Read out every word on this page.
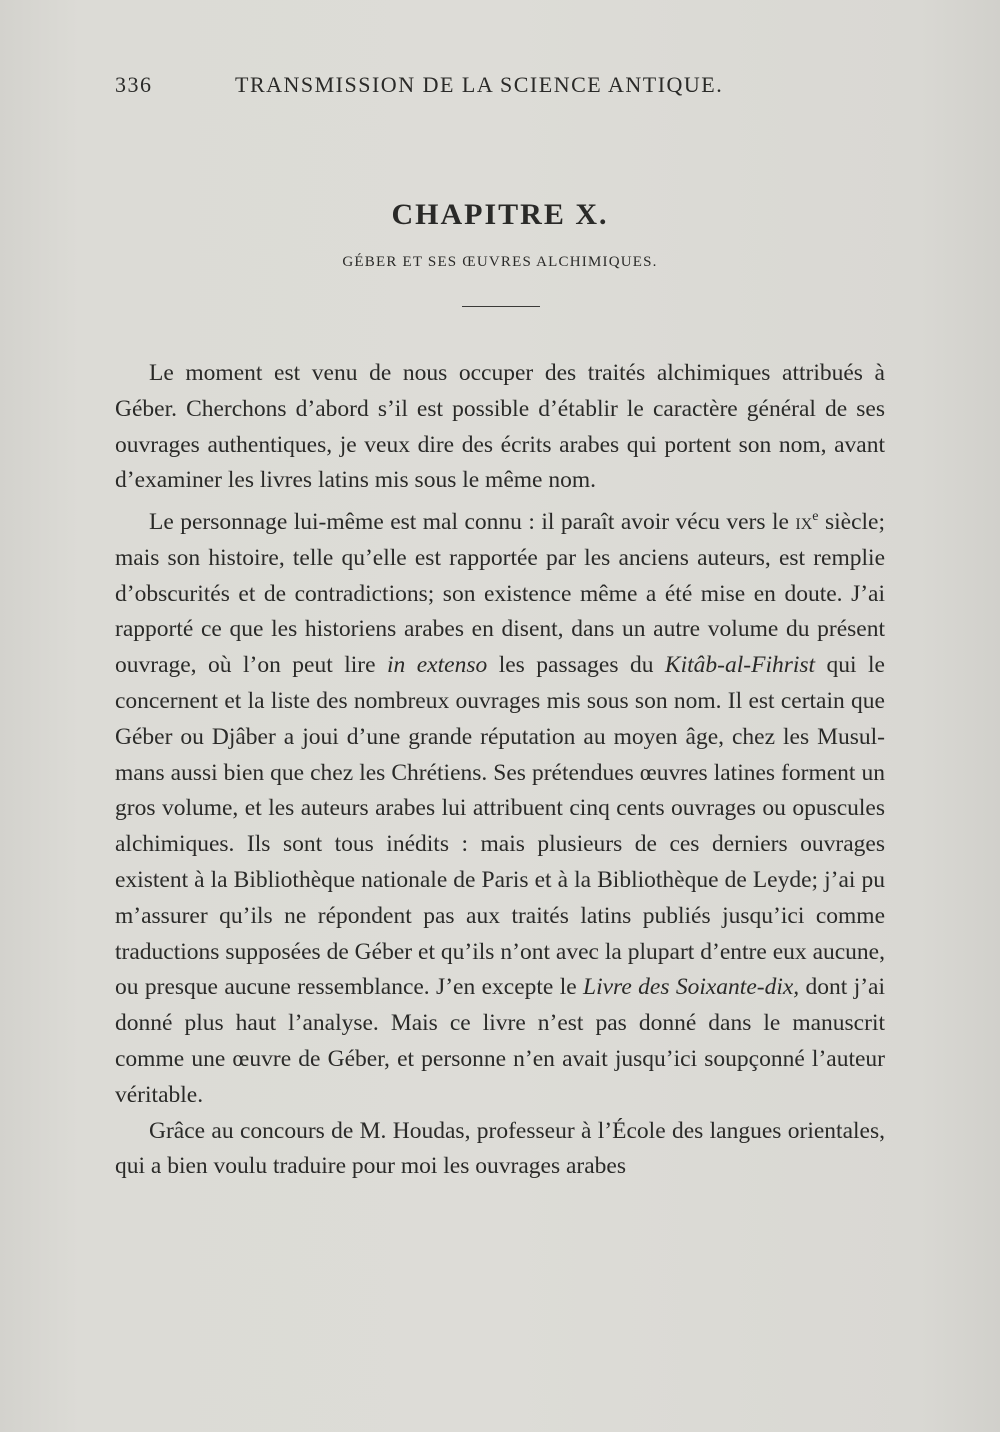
336	TRANSMISSION DE LA SCIENCE ANTIQUE.
CHAPITRE X.
GÉBER ET SES ŒUVRES ALCHIMIQUES.

Le moment est venu de nous occuper des traités alchimiques attribués à Géber. Cherchons d’abord s’il est possible d’établir le caractère général de ses ouvrages authentiques, je veux dire des écrits arabes qui portent son nom, avant d’examiner les livres latins mis sous le même nom.

Le personnage lui-même est mal connu : il paraît avoir vécu vers le $ix^e$ siècle; mais son histoire, telle qu’elle est rapportée par les anciens auteurs, est remplie d’obscurités et de contradictions; son existence même a été mise en doute. J’ai rapporté ce que les historiens arabes en disent, dans un autre volume du présent ouvrage, où l’on peut lire in extenso les passages du Kitâb-al-Fihrist qui le concernent et la liste des nombreux ouvrages mis sous son nom. Il est certain que Géber ou Djâber a joui d’une grande réputation au moyen âge, chez les Musulmans aussi bien que chez les Chrétiens. Ses prétendues œuvres latines forment un gros volume, et les auteurs arabes lui attribuent cinq cents ouvrages ou opuscules alchimiques. Ils sont tous inédits : mais plusieurs de ces derniers ouvrages existent à la Bibliothèque nationale de Paris et à la Bibliothèque de Leyde; j’ai pu m’assurer qu’ils ne répondent pas aux traités latins publiés jusqu’ici comme traductions supposées de Géber et qu’ils n’ont avec la plupart d’entre eux aucune, ou presque aucune ressemblance. J’en excepte le Livre des Soixante-dix, dont j’ai donné plus haut l’analyse. Mais ce livre n’est pas donné dans le manuscrit comme une œuvre de Géber, et personne n’en avait jusqu’ici soupçonné l’auteur véritable.

Grâce au concours de M. Houdas, professeur à l’École des langues orientales, qui a bien voulu traduire pour moi les ouvrages arabes
